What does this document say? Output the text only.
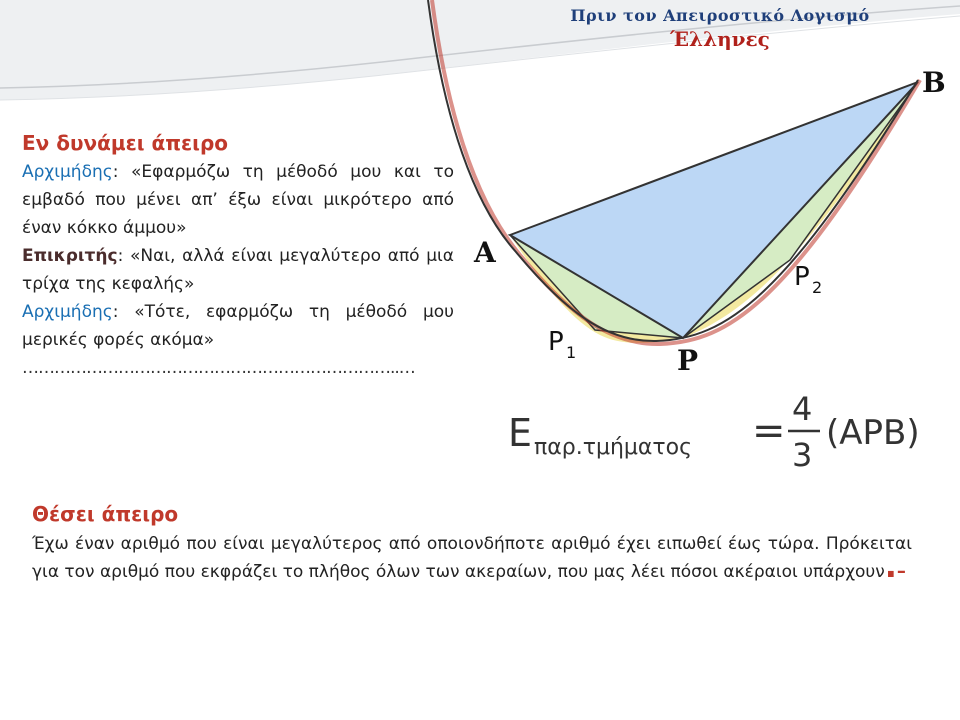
Πριν τον Απειροστικό Λογισμό
Έλληνες
B
A
P
P 1
P 2
E παρ.τμήματος = 4
3
(APB)
Εν δυνάμει άπειρο
Αρχιμήδης: «Εφαρμόζω τη μέθοδό μου και το εμβαδό που μένει απ’ έξω είναι μικρότερο από έναν κόκκο άμμου»
Επικριτής: «Ναι, αλλά είναι μεγαλύτερο από μια τρίχα της κεφαλής»
Αρχιμήδης: «Τότε, εφαρμόζω τη μέθοδό μου μερικές φορές ακόμα»
……………………………………………………………..…
Θέσει άπειρο
Έχω έναν αριθμό που είναι μεγαλύτερος από οποιονδήποτε αριθμό έχει ειπωθεί έως τώρα. Πρόκειται για τον αριθμό που εκφράζει το πλήθος όλων των ακεραίων, που μας λέει πόσοι ακέραιοι υπάρχουν.–
